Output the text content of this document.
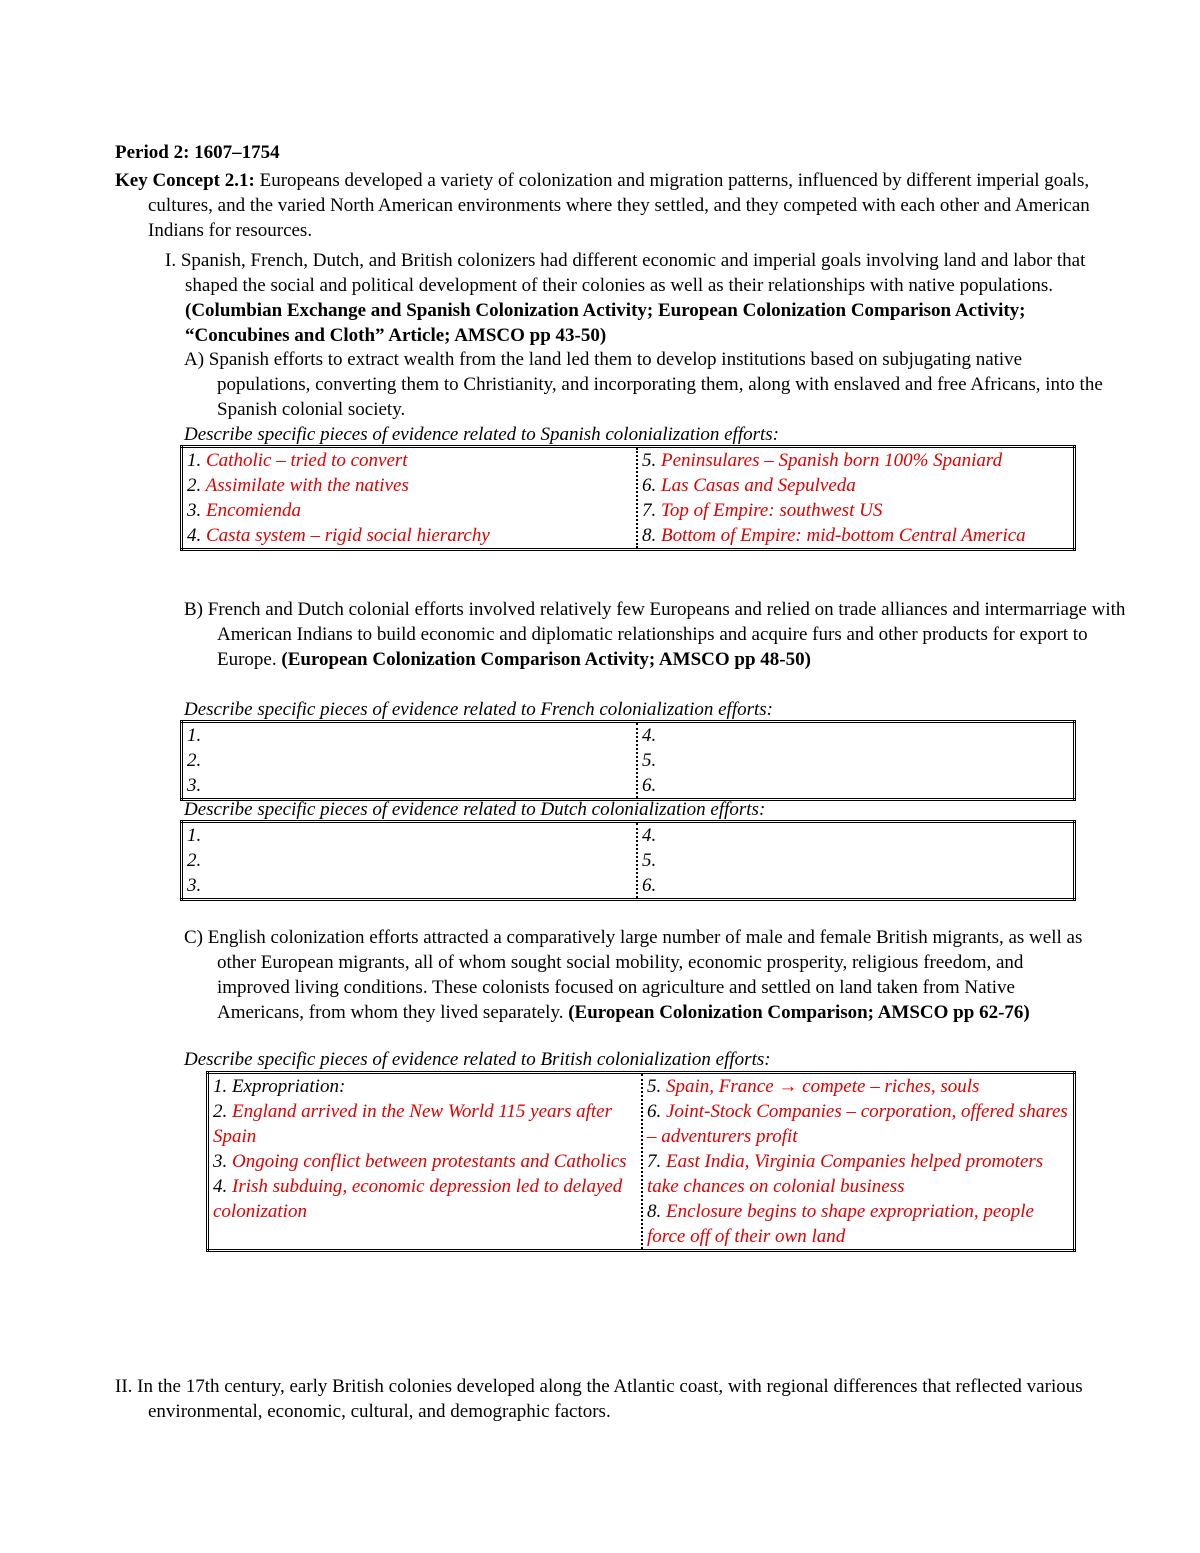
Period 2: 1607–1754
Key Concept 2.1: Europeans developed a variety of colonization and migration patterns, influenced by different imperial goals, cultures, and the varied North American environments where they settled, and they competed with each other and American Indians for resources.
I. Spanish, French, Dutch, and British colonizers had different economic and imperial goals involving land and labor that shaped the social and political development of their colonies as well as their relationships with native populations. (Columbian Exchange and Spanish Colonization Activity; European Colonization Comparison Activity; “Concubines and Cloth” Article; AMSCO pp 43-50)
A) Spanish efforts to extract wealth from the land led them to develop institutions based on subjugating native populations, converting them to Christianity, and incorporating them, along with enslaved and free Africans, into the Spanish colonial society.
Describe specific pieces of evidence related to Spanish colonialization efforts:
1. Catholic – tried to convert
2. Assimilate with the natives
3. Encomienda
4. Casta system – rigid social hierarchy

5. Peninsulares – Spanish born 100% Spaniard
6. Las Casas and Sepulveda
7. Top of Empire: southwest US
8. Bottom of Empire: mid-bottom Central America
B) French and Dutch colonial efforts involved relatively few Europeans and relied on trade alliances and intermarriage with American Indians to build economic and diplomatic relationships and acquire furs and other products for export to Europe. (European Colonization Comparison Activity; AMSCO pp 48-50)
Describe specific pieces of evidence related to French colonialization efforts:
1.
2.
3.

4.
5.
6.
Describe specific pieces of evidence related to Dutch colonialization efforts:
1.
2.
3.

4.
5.
6.
C) English colonization efforts attracted a comparatively large number of male and female British migrants, as well as other European migrants, all of whom sought social mobility, economic prosperity, religious freedom, and improved living conditions. These colonists focused on agriculture and settled on land taken from Native Americans, from whom they lived separately. (European Colonization Comparison; AMSCO pp 62-76)
Describe specific pieces of evidence related to British colonialization efforts:
1. Expropriation:
2. England arrived in the New World 115 years after Spain
3. Ongoing conflict between protestants and Catholics
4. Irish subduing, economic depression led to delayed colonization

5. Spain, France → compete – riches, souls
6. Joint-Stock Companies – corporation, offered shares – adventurers profit
7. East India, Virginia Companies helped promoters take chances on colonial business
8. Enclosure begins to shape expropriation, people force off of their own land
II. In the 17th century, early British colonies developed along the Atlantic coast, with regional differences that reflected various environmental, economic, cultural, and demographic factors.
